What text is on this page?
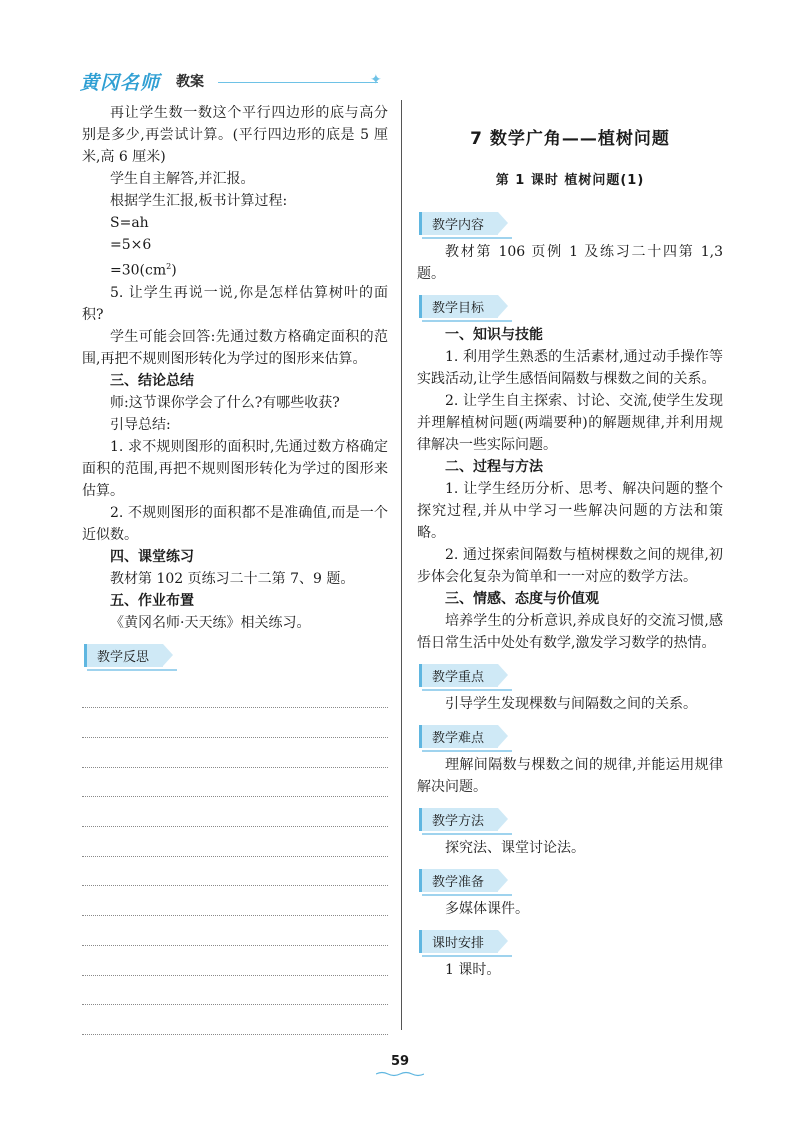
黄冈名师 教案	✦

再让学生数一数这个平行四边形的底与高分别是多少,再尝试计算。(平行四边形的底是 5 厘米,高 6 厘米)

学生自主解答,并汇报。

根据学生汇报,板书计算过程:

S=ah

=5×6

$=30(cm^2)$

5. 让学生再说一说,你是怎样估算树叶的面积?

学生可能会回答:先通过数方格确定面积的范围,再把不规则图形转化为学过的图形来估算。

三、结论总结

师:这节课你学会了什么?有哪些收获?

引导总结:

1. 求不规则图形的面积时,先通过数方格确定面积的范围,再把不规则图形转化为学过的图形来估算。

2. 不规则图形的面积都不是准确值,而是一个近似数。

四、课堂练习

教材第 102 页练习二十二第 7、9 题。

五、作业布置

《黄冈名师·天天练》相关练习。

教学反思
7 数学广角——植树问题
第 1 课时 植树问题(1)
教学内容

教材第 106 页例 1 及练习二十四第 1,3 题。

教学目标

一、知识与技能

1. 利用学生熟悉的生活素材,通过动手操作等实践活动,让学生感悟间隔数与棵数之间的关系。

2. 让学生自主探索、讨论、交流,使学生发现并理解植树问题(两端要种)的解题规律,并利用规律解决一些实际问题。

二、过程与方法

1. 让学生经历分析、思考、解决问题的整个探究过程,并从中学习一些解决问题的方法和策略。

2. 通过探索间隔数与植树棵数之间的规律,初步体会化复杂为简单和一一对应的数学方法。

三、情感、态度与价值观

培养学生的分析意识,养成良好的交流习惯,感悟日常生活中处处有数学,激发学习数学的热情。

教学重点

引导学生发现棵数与间隔数之间的关系。

教学难点

理解间隔数与棵数之间的规律,并能运用规律解决问题。

教学方法

探究法、课堂讨论法。

教学准备

多媒体课件。

课时安排

1 课时。

59
